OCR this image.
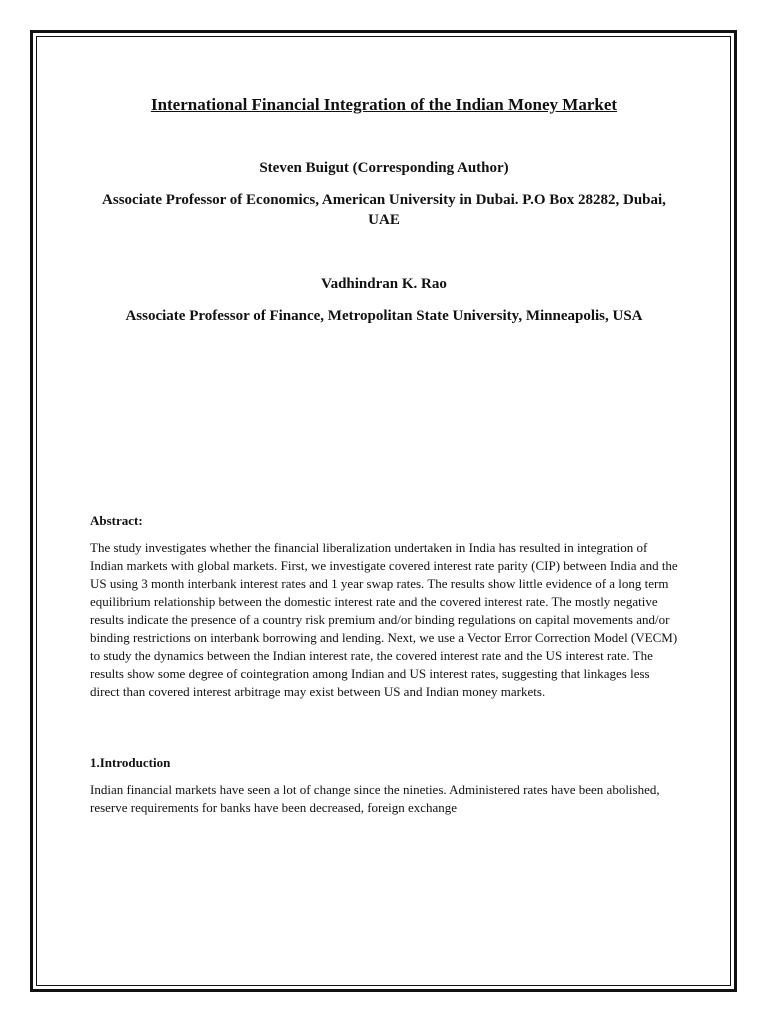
International Financial Integration of the Indian Money Market

Steven Buigut (Corresponding Author)

Associate Professor of Economics, American University in Dubai. P.O Box 28282, Dubai, UAE

Vadhindran K. Rao

Associate Professor of Finance, Metropolitan State University, Minneapolis, USA

Abstract:

The study investigates whether the financial liberalization undertaken in India has resulted in integration of Indian markets with global markets. First, we investigate covered interest rate parity (CIP) between India and the US using 3 month interbank interest rates and 1 year swap rates. The results show little evidence of a long term equilibrium relationship between the domestic interest rate and the covered interest rate. The mostly negative results indicate the presence of a country risk premium and/or binding regulations on capital movements and/or binding restrictions on interbank borrowing and lending. Next, we use a Vector Error Correction Model (VECM) to study the dynamics between the Indian interest rate, the covered interest rate and the US interest rate. The results show some degree of cointegration among Indian and US interest rates, suggesting that linkages less direct than covered interest arbitrage may exist between US and Indian money markets.

1.Introduction

Indian financial markets have seen a lot of change since the nineties. Administered rates have been abolished, reserve requirements for banks have been decreased, foreign exchange
